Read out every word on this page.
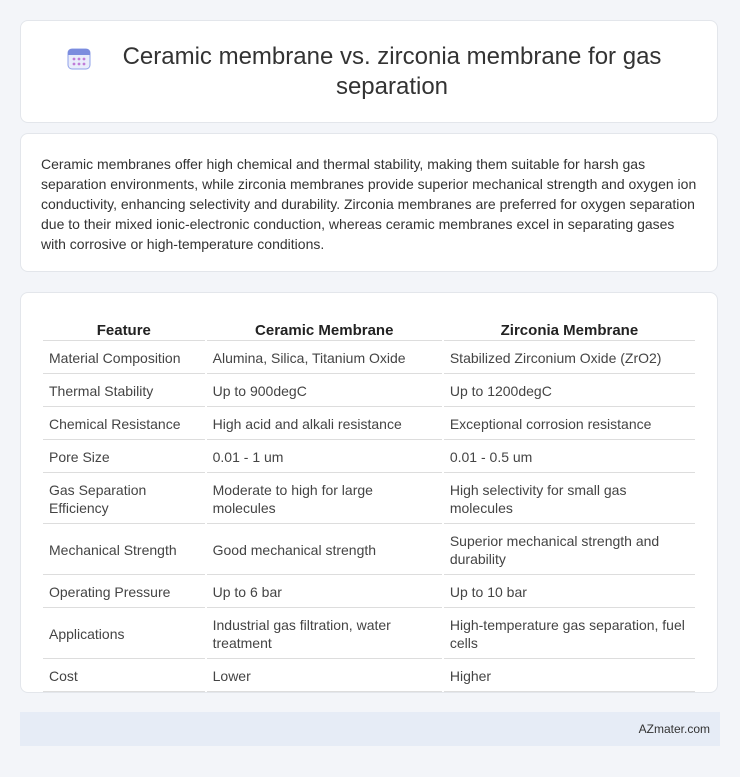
Ceramic membrane vs. zirconia membrane for gas separation

Ceramic membranes offer high chemical and thermal stability, making them suitable for harsh gas separation environments, while zirconia membranes provide superior mechanical strength and oxygen ion conductivity, enhancing selectivity and durability. Zirconia membranes are preferred for oxygen separation due to their mixed ionic-electronic conduction, whereas ceramic membranes excel in separating gases with corrosive or high-temperature conditions.

Feature	Ceramic Membrane	Zirconia Membrane
Material Composition	Alumina, Silica, Titanium Oxide	Stabilized Zirconium Oxide (ZrO2)
Thermal Stability	Up to 900degC	Up to 1200degC
Chemical Resistance	High acid and alkali resistance	Exceptional corrosion resistance
Pore Size	0.01 - 1 um	0.01 - 0.5 um
Gas Separation Efficiency	Moderate to high for large molecules	High selectivity for small gas molecules
Mechanical Strength	Good mechanical strength	Superior mechanical strength and durability
Operating Pressure	Up to 6 bar	Up to 10 bar
Applications	Industrial gas filtration, water treatment	High-temperature gas separation, fuel cells
Cost	Lower	Higher
AZmater.com
